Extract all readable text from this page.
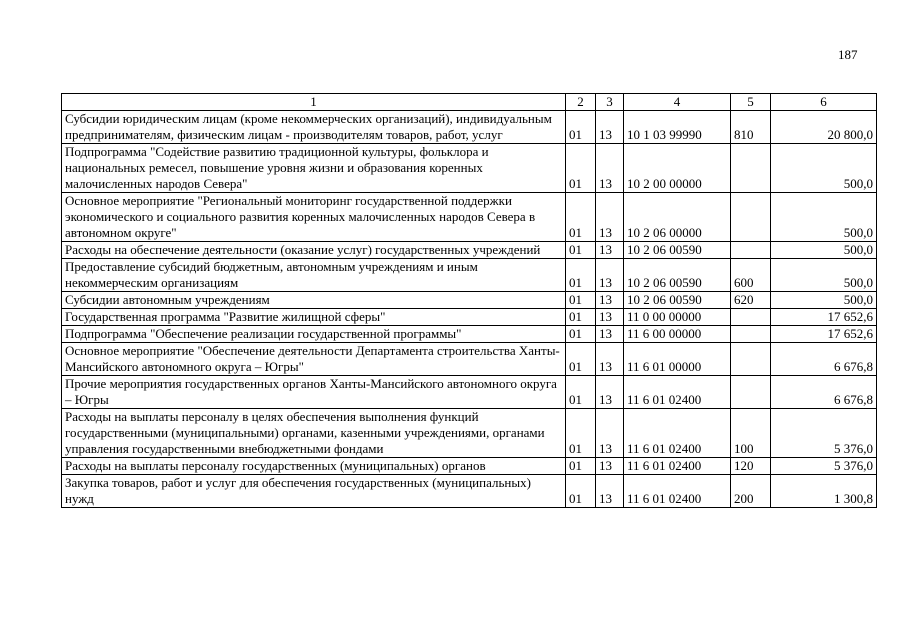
187
1	2	3	4	5	6
Субсидии юридическим лицам (кроме некоммерческих организаций), индивидуальным предпринимателям, физическим лицам - производителям товаров, работ, услуг	01	13	10 1 03 99990	810	20 800,0
Подпрограмма "Содействие развитию традиционной культуры, фольклора и национальных ремесел, повышение уровня жизни и образования коренных малочисленных народов Севера"	01	13	10 2 00 00000		500,0
Основное мероприятие "Региональный мониторинг государственной поддержки экономического и социального развития коренных малочисленных народов Севера в автономном округе"	01	13	10 2 06 00000		500,0
Расходы на обеспечение деятельности (оказание услуг) государственных учреждений	01	13	10 2 06 00590		500,0
Предоставление субсидий бюджетным, автономным учреждениям и иным некоммерческим организациям	01	13	10 2 06 00590	600	500,0
Субсидии автономным учреждениям	01	13	10 2 06 00590	620	500,0
Государственная программа "Развитие жилищной сферы"	01	13	11 0 00 00000		17 652,6
Подпрограмма "Обеспечение реализации государственной программы"	01	13	11 6 00 00000		17 652,6
Основное мероприятие "Обеспечение деятельности Департамента строительства Ханты-Мансийского автономного округа – Югры"	01	13	11 6 01 00000		6 676,8
Прочие мероприятия государственных органов Ханты-Мансийского автономного округа – Югры	01	13	11 6 01 02400		6 676,8
Расходы на выплаты персоналу в целях обеспечения выполнения функций государственными (муниципальными) органами, казенными учреждениями, органами управления государственными внебюджетными фондами	01	13	11 6 01 02400	100	5 376,0
Расходы на выплаты персоналу государственных (муниципальных) органов	01	13	11 6 01 02400	120	5 376,0
Закупка товаров, работ и услуг для обеспечения государственных (муниципальных) нужд	01	13	11 6 01 02400	200	1 300,8
